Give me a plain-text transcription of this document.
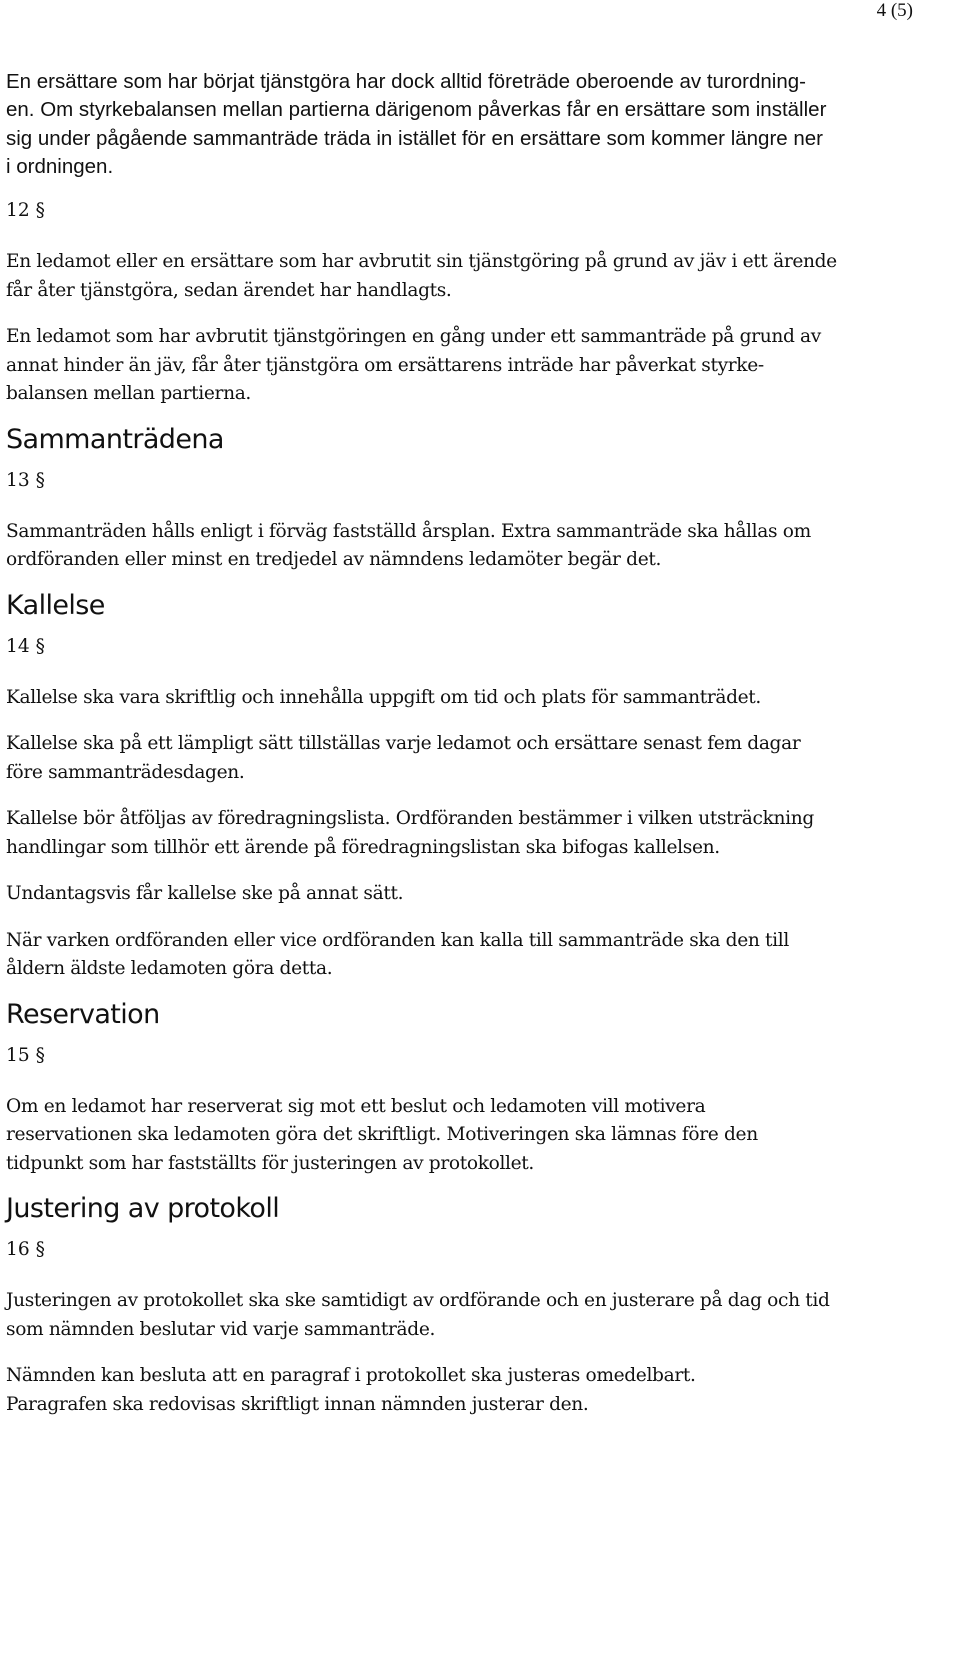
4 (5)

En ersättare som har börjat tjänstgöra har dock alltid företräde oberoende av turordning-
en. Om styrkebalansen mellan partierna därigenom påverkas får en ersättare som inställer
sig under pågående sammanträde träda in istället för en ersättare som kommer längre ner
i ordningen.

12 §

En ledamot eller en ersättare som har avbrutit sin tjänstgöring på grund av jäv i ett ärende
får åter tjänstgöra, sedan ärendet har handlagts.

En ledamot som har avbrutit tjänstgöringen en gång under ett sammanträde på grund av
annat hinder än jäv, får åter tjänstgöra om ersättarens inträde har påverkat styrke-
balansen mellan partierna.

Sammanträdena

13 §

Sammanträden hålls enligt i förväg fastställd årsplan. Extra sammanträde ska hållas om
ordföranden eller minst en tredjedel av nämndens ledamöter begär det.

Kallelse

14 §

Kallelse ska vara skriftlig och innehålla uppgift om tid och plats för sammanträdet.

Kallelse ska på ett lämpligt sätt tillställas varje ledamot och ersättare senast fem dagar
före sammanträdesdagen.

Kallelse bör åtföljas av föredragningslista. Ordföranden bestämmer i vilken utsträckning
handlingar som tillhör ett ärende på föredragningslistan ska bifogas kallelsen.

Undantagsvis får kallelse ske på annat sätt.

När varken ordföranden eller vice ordföranden kan kalla till sammanträde ska den till
åldern äldste ledamoten göra detta.

Reservation

15 §

Om en ledamot har reserverat sig mot ett beslut och ledamoten vill motivera
reservationen ska ledamoten göra det skriftligt. Motiveringen ska lämnas före den
tidpunkt som har fastställts för justeringen av protokollet.

Justering av protokoll

16 §

Justeringen av protokollet ska ske samtidigt av ordförande och en justerare på dag och tid
som nämnden beslutar vid varje sammanträde.

Nämnden kan besluta att en paragraf i protokollet ska justeras omedelbart.
Paragrafen ska redovisas skriftligt innan nämnden justerar den.
